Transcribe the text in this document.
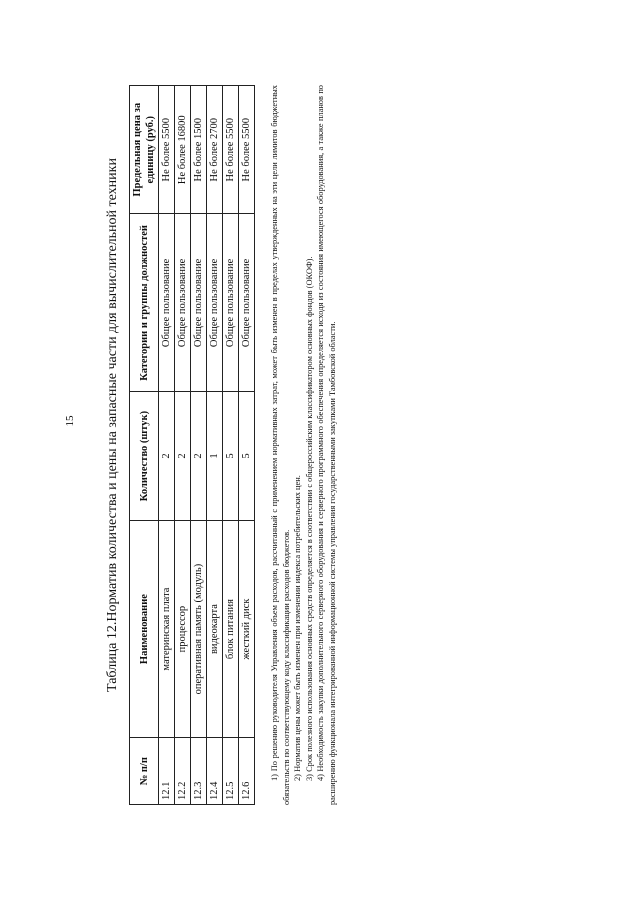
15 Таблица 12.Норматив количества и цены на запасные части для вычислительной техники
№ п/п	Наименование	Количество (штук)	Категории и группы должностей	Предельная цена за единицу (руб.)
12.1	материнская плата	2	Общее пользование	Не более 5500
12.2	процессор	2	Общее пользование	Не более 16800
12.3	оперативная память (модуль)	2	Общее пользование	Не более 1500
12.4	видеокарта	1	Общее пользование	Не более 2700
12.5	блок питания	5	Общее пользование	Не более 5500
12.6	жесткий диск	5	Общее пользование	Не более 5500 1) По решению руководителя Управления объем расходов, рассчитанный с применением нормативных затрат, может быть изменен в пределах утвержденных на эти цели лимитов бюджетных обязательств по соответствующему коду классификации расходов бюджетов. 2) Норматив цены может быть изменен при изменении индекса потребительских цен. 3) Срок полезного использования основных средств определяется в соответствии с общероссийским классификатором основных фондов (ОКОФ). 4) Необходимость закупки дополнительного серверного оборудования и серверного программного обеспечения определяется исходя из состояния имеющегося оборудования, а также планов по расширению функционала интегрированной информационной системы управления государственными закупками Тамбовской области.
